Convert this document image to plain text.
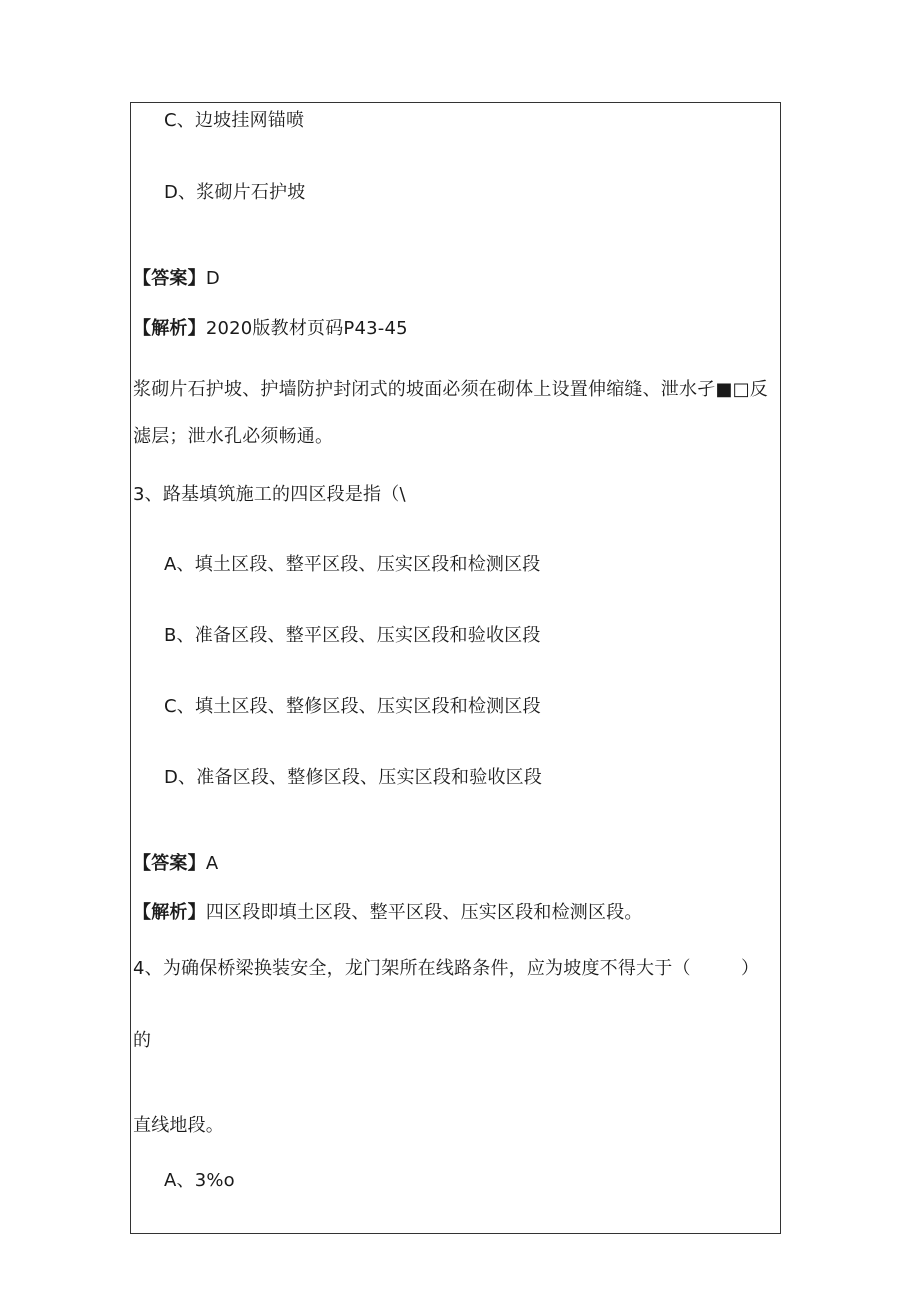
C、边坡挂网锚喷
D、浆砌片石护坡
【答案】D
【解析】2020版教材页码P43-45
浆砌片石护坡、护墙防护封闭式的坡面必须在砌体上设置伸缩缝、泄水孑■□反
滤层；泄水孔必须畅通。
3、路基填筑施工的四区段是指（\
A、填土区段、整平区段、压实区段和检测区段
B、准备区段、整平区段、压实区段和验收区段
C、填土区段、整修区段、压实区段和检测区段
D、准备区段、整修区段、压实区段和验收区段
【答案】A
【解析】四区段即填土区段、整平区段、压实区段和检测区段。
4、为确保桥梁换装安全，龙门架所在线路条件，应为坡度不得大于（	）
的
直线地段。
A、3%o
